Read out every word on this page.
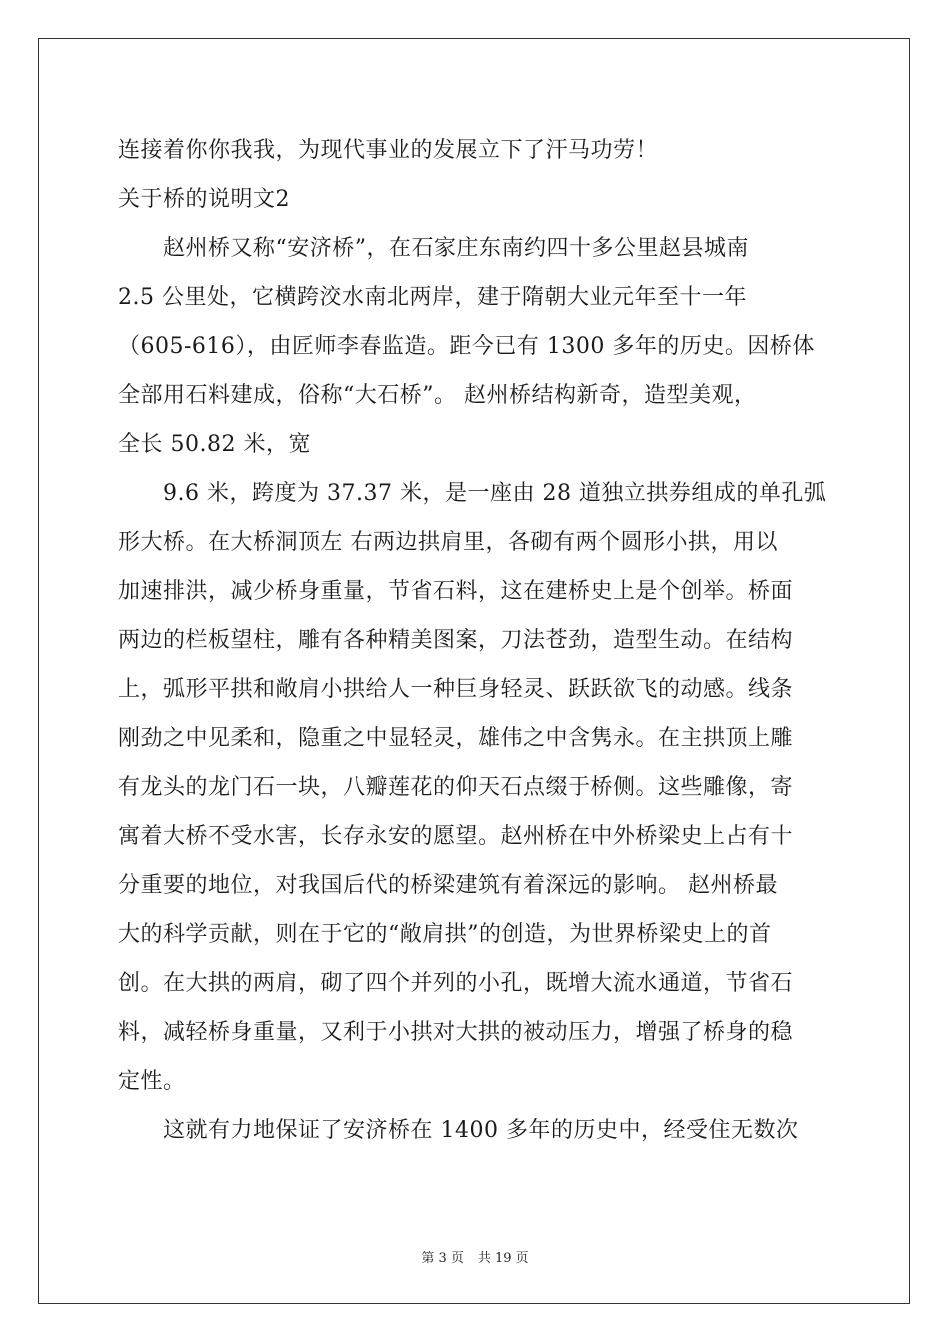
连接着你你我我，为现代事业的发展立下了汗马功劳！

关于桥的说明文2

　　赵州桥又称“安济桥”，在石家庄东南约四十多公里赵县城南

2.5 公里处，它横跨洨水南北两岸，建于隋朝大业元年至十一年

（605-616），由匠师李春监造。距今已有 1300 多年的历史。因桥体

全部用石料建成，俗称“大石桥”。 赵州桥结构新奇，造型美观，

全长 50.82 米，宽

　　9.6 米，跨度为 37.37 米，是一座由 28 道独立拱券组成的单孔弧

形大桥。在大桥洞顶左 右两边拱肩里，各砌有两个圆形小拱，用以

加速排洪，减少桥身重量，节省石料，这在建桥史上是个创举。桥面

两边的栏板望柱，雕有各种精美图案，刀法苍劲，造型生动。在结构

上，弧形平拱和敞肩小拱给人一种巨身轻灵、跃跃欲飞的动感。线条

刚劲之中见柔和，隐重之中显轻灵，雄伟之中含隽永。在主拱顶上雕

有龙头的龙门石一块，八瓣莲花的仰天石点缀于桥侧。这些雕像，寄

寓着大桥不受水害，长存永安的愿望。赵州桥在中外桥梁史上占有十

分重要的地位，对我国后代的桥梁建筑有着深远的影响。 赵州桥最

大的科学贡献，则在于它的“敞肩拱”的创造，为世界桥梁史上的首

创。在大拱的两肩，砌了四个并列的小孔，既增大流水通道，节省石

料，减轻桥身重量，又利于小拱对大拱的被动压力，增强了桥身的稳

定性。

　　这就有力地保证了安济桥在 1400 多年的历史中，经受住无数次

第 3 页 共 19 页
